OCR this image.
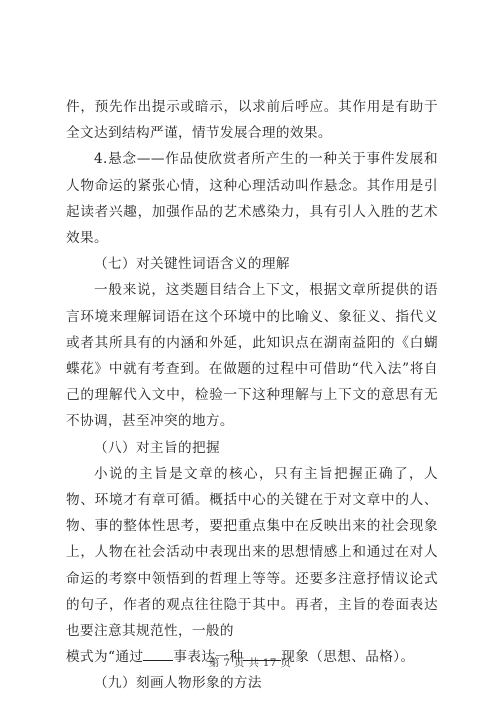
件，预先作出提示或暗示，以求前后呼应。其作用是有助于全文达到结构严谨，情节发展合理的效果。

4.悬念——作品使欣赏者所产生的一种关于事件发展和人物命运的紧张心情，这种心理活动叫作悬念。其作用是引起读者兴趣，加强作品的艺术感染力，具有引人入胜的艺术效果。

（七）对关键性词语含义的理解

一般来说，这类题目结合上下文，根据文章所提供的语言环境来理解词语在这个环境中的比喻义、象征义、指代义或者其所具有的内涵和外延，此知识点在湖南益阳的《白蝴蝶花》中就有考查到。在做题的过程中可借助“代入法”将自己的理解代入文中，检验一下这种理解与上下文的意思有无不协调，甚至冲突的地方。

（八）对主旨的把握

小说的主旨是文章的核心，只有主旨把握正确了，人物、环境才有章可循。概括中心的关键在于对文章中的人、物、事的整体性思考，要把重点集中在反映出来的社会现象上，人物在社会活动中表现出来的思想情感上和通过在对人命运的考察中领悟到的哲理上等等。还要多注意抒情议论式的句子，作者的观点往往隐于其中。再者，主旨的卷面表达也要注意其规范性，一般的

模式为“通过 事表达一种	现象（思想、品格）。

（九）刻画人物形象的方法

第 7 页 共 17 页
